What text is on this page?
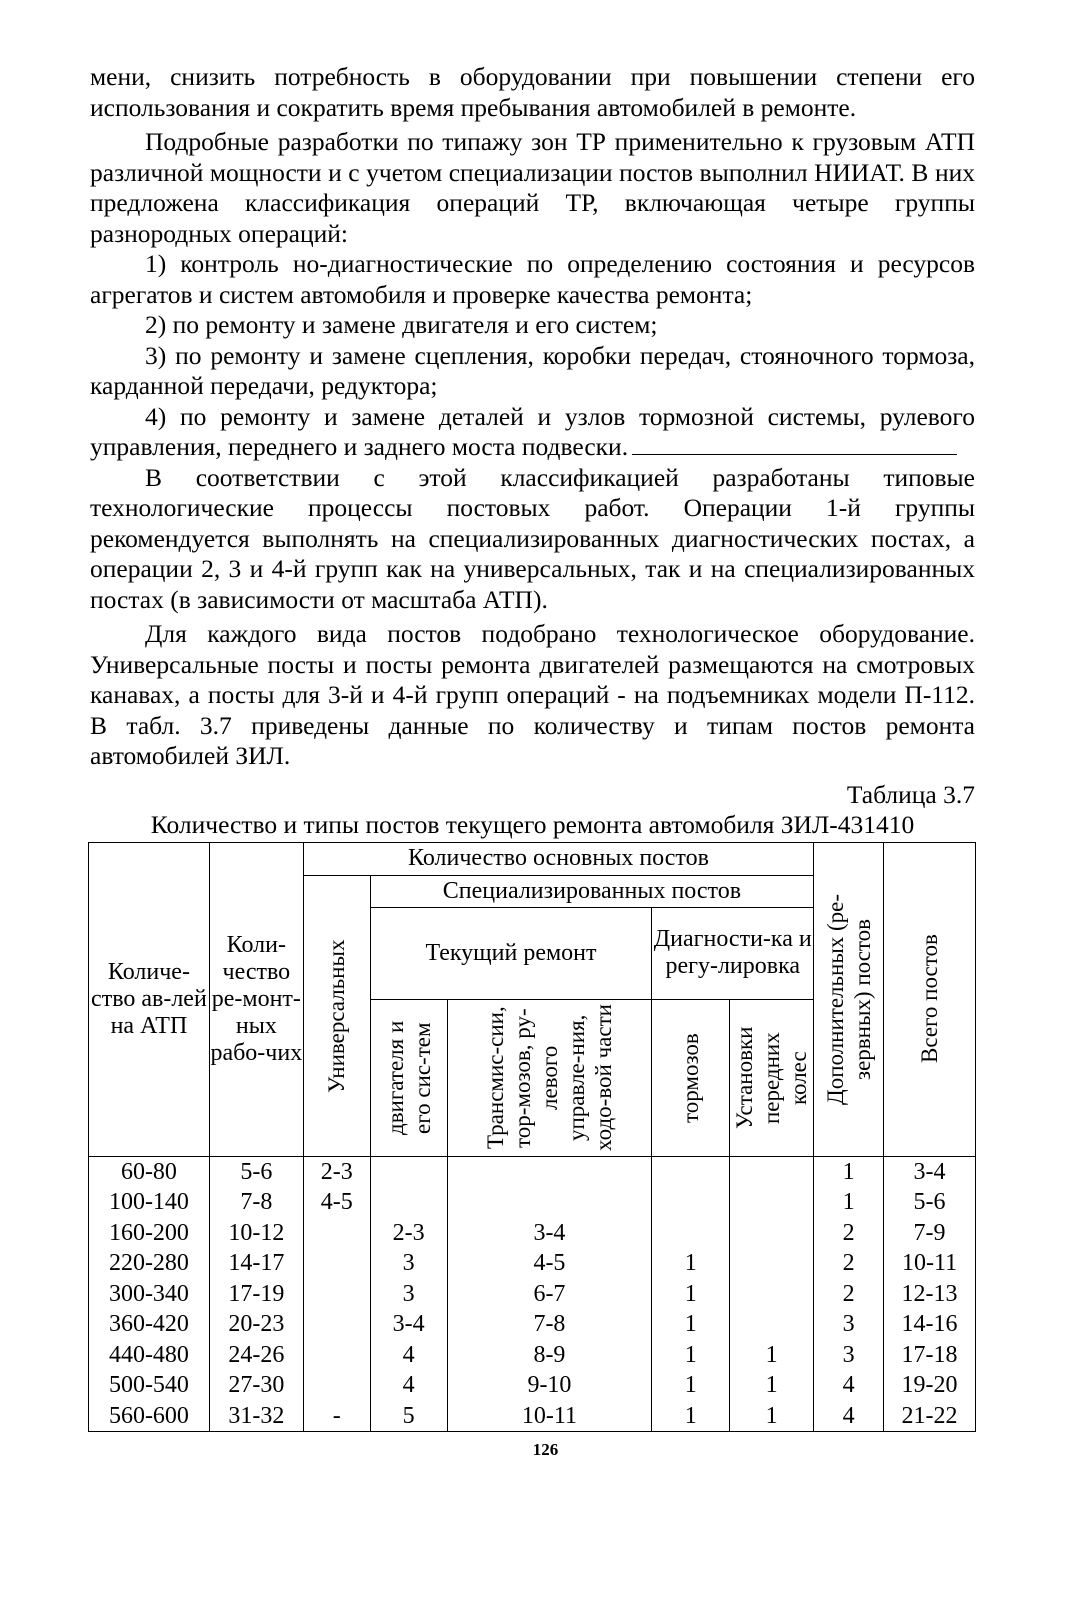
мени, снизить потребность в оборудовании при повышении степени его использования и сократить время пребывания автомобилей в ремонте.

Подробные разработки по типажу зон ТР применительно к грузовым АТП различной мощности и с учетом специализации постов выполнил НИИАТ. В них предложена классификация операций ТР, включающая четыре группы разнородных операций:

1) контроль но-диагностические по определению состояния и ресурсов агрегатов и систем автомобиля и проверке качества ремонта;

2) по ремонту и замене двигателя и его систем;

3) по ремонту и замене сцепления, коробки передач, стояночного тормоза, карданной передачи, редуктора;

4) по ремонту и замене деталей и узлов тормозной системы, рулевого управления, переднего и заднего моста подвески.

В соответствии с этой классификацией разработаны типовые технологические процессы постовых работ. Операции 1-й группы рекомендуется выполнять на специализированных диагностических постах, а операции 2, 3 и 4-й групп как на универсальных, так и на специализированных постах (в зависимости от масштаба АТП).

Для каждого вида постов подобрано технологическое оборудование. Универсальные посты и посты ремонта двигателей размещаются на смотровых канавах, а посты для 3-й и 4-й групп операций - на подъемниках модели П-112. В табл. 3.7 приведены данные по количеству и типам постов ремонта автомобилей ЗИЛ.

Таблица 3.7
Количество и типы постов текущего ремонта автомобиля ЗИЛ-431410
Количе-ство ав-лей на АТП	Коли-чество ре-монт-ных рабо-чих	Количество основных постов					Дополнительных (ре-зервных) постов	Всего постов

		Универсальных	Специализированных постов					
			Текущий ремонт		Диагности-ка и регу-лировка			

			двигателя и его сис-тем	Трансмис-сии, тор-мозов, ру-левого управле-ния, ходо-вой части	тормозов	Установки передних колес		

60-80	5-6	2-3					1	3-4
100-140	7-8	4-5					1	5-6
160-200	10-12		2-3	3-4			2	7-9
220-280	14-17		3	4-5	1		2	10-11
300-340	17-19		3	6-7	1		2	12-13
360-420	20-23		3-4	7-8	1		3	14-16
440-480	24-26		4	8-9	1	1	3	17-18
500-540	27-30		4	9-10	1	1	4	19-20
560-600	31-32	-	5	10-11	1	1	4	21-22
126
